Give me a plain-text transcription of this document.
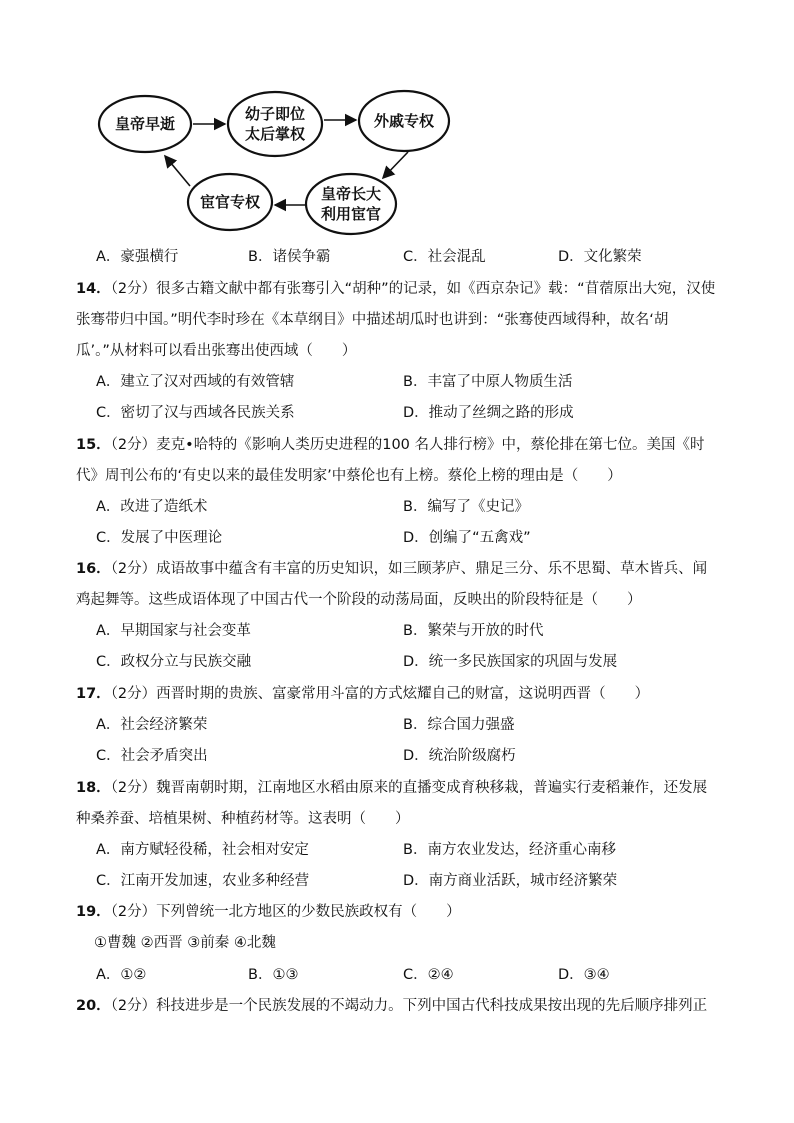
皇帝早逝
幼子即位
太后掌权
外戚专权
皇帝长大
利用宦官
宦官专权
A．豪强横行	B．诸侯争霸	C．社会混乱	D．文化繁荣
14．（2分）很多古籍文献中都有张骞引入“胡种”的记录，如《西京杂记》载：“苜蓿原出大宛，汉使
张骞带归中国。”明代李时珍在《本草纲目》中描述胡瓜时也讲到：“张骞使西域得种，故名‘胡
瓜’。”从材料可以看出张骞出使西域（　　）
A．建立了汉对西域的有效管辖	B．丰富了中原人物质生活
C．密切了汉与西域各民族关系	D．推动了丝绸之路的形成
15．（2分）麦克•哈特的《影响人类历史进程的100 名人排行榜》中，蔡伦排在第七位。美国《时
代》周刊公布的‘有史以来的最佳发明家’中蔡伦也有上榜。蔡伦上榜的理由是（　　）
A．改进了造纸术	B．编写了《史记》
C．发展了中医理论	D．创编了“五禽戏”
16．（2分）成语故事中蕴含有丰富的历史知识，如三顾茅庐、鼎足三分、乐不思蜀、草木皆兵、闻
鸡起舞等。这些成语体现了中国古代一个阶段的动荡局面，反映出的阶段特征是（　　）
A．早期国家与社会变革	B．繁荣与开放的时代
C．政权分立与民族交融	D．统一多民族国家的巩固与发展
17．（2分）西晋时期的贵族、富豪常用斗富的方式炫耀自己的财富，这说明西晋（　　）
A．社会经济繁荣	B．综合国力强盛
C．社会矛盾突出	D．统治阶级腐朽
18．（2分）魏晋南朝时期，江南地区水稻由原来的直播变成育秧移栽，普遍实行麦稻兼作，还发展
种桑养蚕、培植果树、种植药材等。这表明（　　）
A．南方赋轻役稀，社会相对安定	B．南方农业发达，经济重心南移
C．江南开发加速，农业多种经营	D．南方商业活跃，城市经济繁荣
19．（2分）下列曾统一北方地区的少数民族政权有（　　）
①曹魏 ②西晋 ③前秦 ④北魏
A．①②	B．①③	C．②④	D．③④
20．（2分）科技进步是一个民族发展的不竭动力。下列中国古代科技成果按出现的先后顺序排列正
